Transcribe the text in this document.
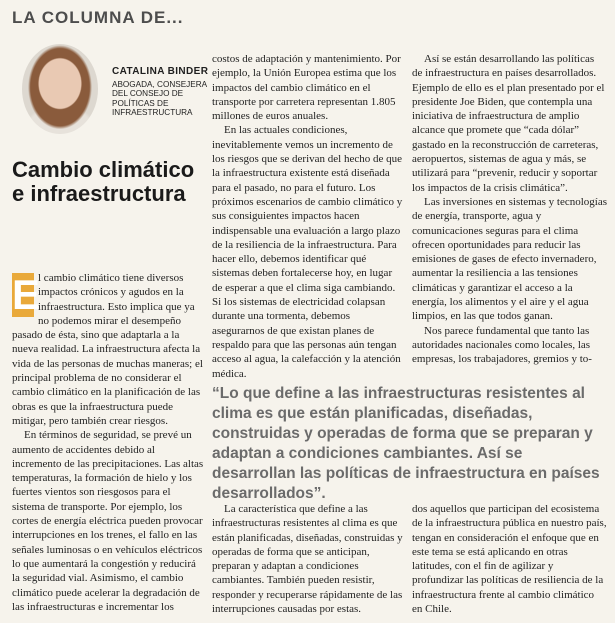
LA COLUMNA DE...
CATALINA BINDER
ABOGADA, CONSEJERA DEL CONSEJO DE POLÍTICAS DE INFRAESTRUCTURA
Cambio climático e infraestructura

E
l cambio climático tiene diversos impactos crónicos y agudos en la infraestructura. Esto implica que ya no podemos mirar el desempeño pasado de ésta, sino que adaptarla a la nueva realidad. La infraestructura afecta la vida de las personas de muchas maneras; el principal problema de no considerar el cambio climático en la planificación de las obras es que la infraestructura puede mitigar, pero también crear riesgos.

En términos de seguridad, se prevé un aumento de accidentes debido al incremento de las precipitaciones. Las altas temperaturas, la formación de hielo y los fuertes vientos son riesgosos para el sistema de transporte. Por ejemplo, los cortes de energía eléctrica pueden provocar interrupciones en los trenes, el fallo en las señales luminosas o en vehículos eléctricos lo que aumentará la congestión y reducirá la seguridad vial. Asimismo, el cambio climático puede acelerar la degradación de las infraestructuras e incrementar los

costos de adaptación y mantenimiento. Por ejemplo, la Unión Europea estima que los impactos del cambio climático en el transporte por carretera representan 1.805 millones de euros anuales.

En las actuales condiciones, inevitablemente vemos un incremento de los riesgos que se derivan del hecho de que la infraestructura existente está diseñada para el pasado, no para el futuro. Los próximos escenarios de cambio climático y sus consiguientes impactos hacen indispensable una evaluación a largo plazo de la resiliencia de la infraestructura. Para hacer ello, debemos identificar qué sistemas deben fortalecerse hoy, en lugar de esperar a que el clima siga cambiando. Si los sistemas de electricidad colapsan durante una tormenta, debemos asegurarnos de que existan planes de respaldo para que las personas aún tengan acceso al agua, la calefacción y la atención médica.

Así se están desarrollando las políticas de infraestructura en países desarrollados. Ejemplo de ello es el plan presentado por el presidente Joe Biden, que contempla una iniciativa de infraestructura de amplio alcance que promete que “cada dólar” gastado en la reconstrucción de carreteras, aeropuertos, sistemas de agua y más, se utilizará para “prevenir, reducir y soportar los impactos de la crisis climática”.

Las inversiones en sistemas y tecnologías de energía, transporte, agua y comunicaciones seguras para el clima ofrecen oportunidades para reducir las emisiones de gases de efecto invernadero, aumentar la resiliencia a las tensiones climáticas y garantizar el acceso a la energía, los alimentos y el aire y el agua limpios, en las que todos ganan.

Nos parece fundamental que tanto las autoridades nacionales como locales, las empresas, los trabajadores, gremios y to-

“Lo que define a las infraestructuras resistentes al clima es que están planificadas, diseñadas, construidas y operadas de forma que se preparan y adaptan a condiciones cambiantes. Así se desarrollan las políticas de infraestructura en países desarrollados”.

La característica que define a las infraestructuras resistentes al clima es que están planificadas, diseñadas, construidas y operadas de forma que se anticipan, preparan y adaptan a condiciones cambiantes. También pueden resistir, responder y recuperarse rápidamente de las interrupciones causadas por estas.

dos aquellos que participan del ecosistema de la infraestructura pública en nuestro país, tengan en consideración el enfoque que en este tema se está aplicando en otras latitudes, con el fin de agilizar y profundizar las políticas de resiliencia de la infraestructura frente al cambio climático en Chile.
